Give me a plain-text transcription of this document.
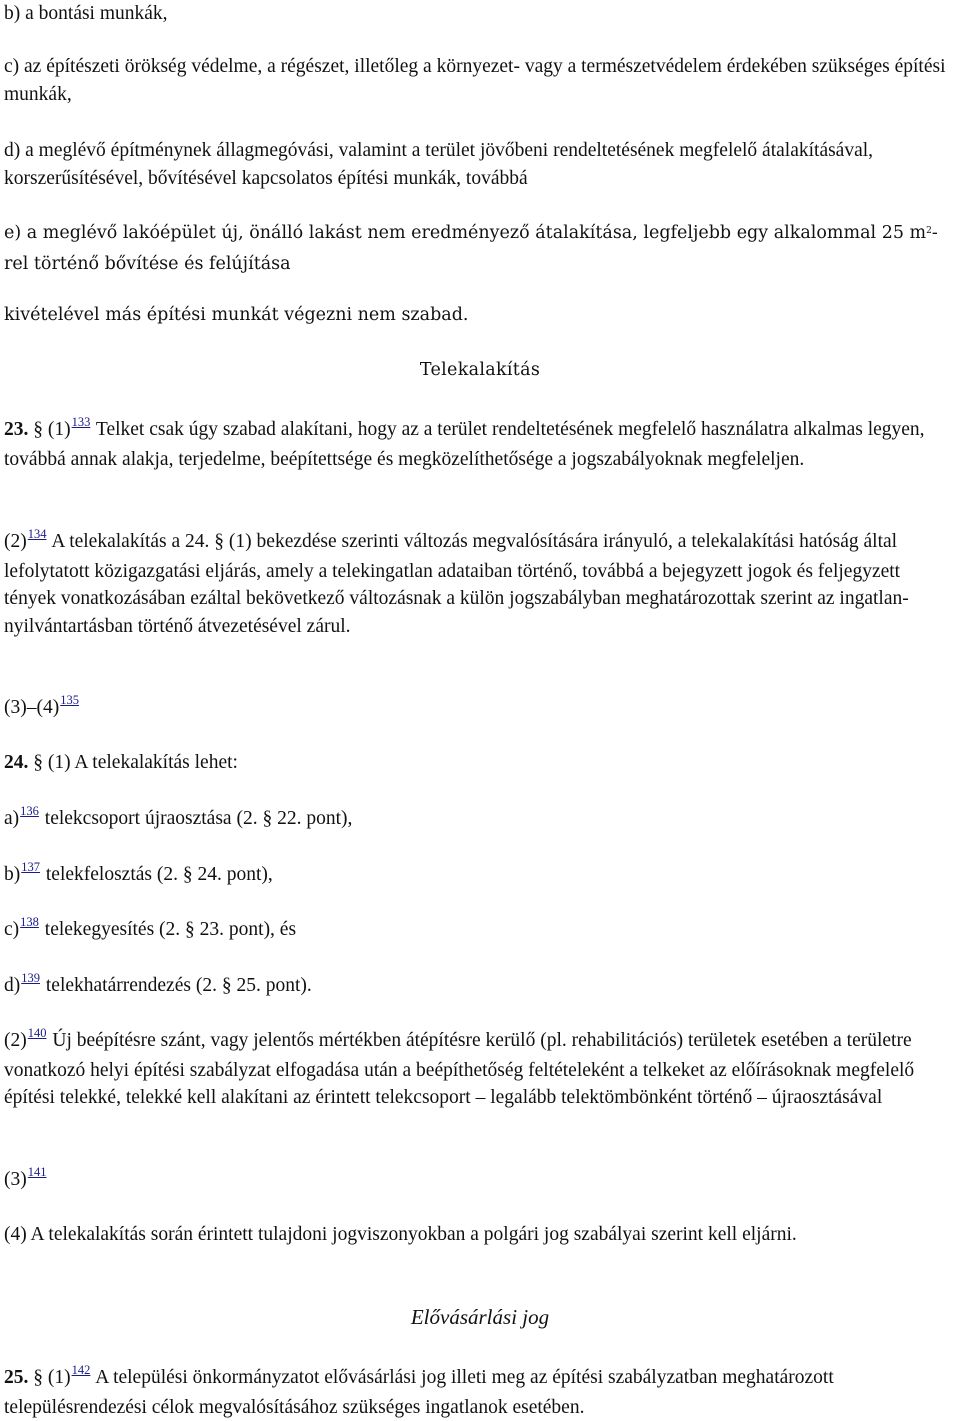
b) a bontási munkák,

c) az építészeti örökség védelme, a régészet, illetőleg a környezet- vagy a természetvédelem érdekében szükséges építési munkák,

d) a meglévő építménynek állagmegóvási, valamint a terület jövőbeni rendeltetésének megfelelő átalakításával, korszerűsítésével, bővítésével kapcsolatos építési munkák, továbbá

e) a meglévő lakóépület új, önálló lakást nem eredményező átalakítása, legfeljebb egy alkalommal 25 $m^2$-rel történő bővítése és felújítása

kivételével más építési munkát végezni nem szabad.

Telekalakítás

23. § (1)$^{133}$ Telket csak úgy szabad alakítani, hogy az a terület rendeltetésének megfelelő használatra alkalmas legyen, továbbá annak alakja, terjedelme, beépítettsége és megközelíthetősége a jogszabályoknak megfeleljen.

(2)$^{134}$ A telekalakítás a 24. § (1) bekezdése szerinti változás megvalósítására irányuló, a telekalakítási hatóság által lefolytatott közigazgatási eljárás, amely a telekingatlan adataiban történő, továbbá a bejegyzett jogok és feljegyzett tények vonatkozásában ezáltal bekövetkező változásnak a külön jogszabályban meghatározottak szerint az ingatlan-nyilvántartásban történő átvezetésével zárul.

(3)–(4)$^{135}$

24. § (1) A telekalakítás lehet:

a)$^{136}$ telekcsoport újraosztása (2. § 22. pont),

b)$^{137}$ telekfelosztás (2. § 24. pont),

c)$^{138}$ telekegyesítés (2. § 23. pont), és

d)$^{139}$ telekhatárrendezés (2. § 25. pont).

(2)$^{140}$ Új beépítésre szánt, vagy jelentős mértékben átépítésre kerülő (pl. rehabilitációs) területek esetében a területre vonatkozó helyi építési szabályzat elfogadása után a beépíthetőség feltételeként a telkeket az előírásoknak megfelelő építési telekké, telekké kell alakítani az érintett telekcsoport – legalább telektömbönként történő – újraosztásával

(3)$^{141}$

(4) A telekalakítás során érintett tulajdoni jogviszonyokban a polgári jog szabályai szerint kell eljárni.

Elővásárlási jog

25. § (1)$^{142}$ A települési önkormányzatot elővásárlási jog illeti meg az építési szabályzatban meghatározott településrendezési célok megvalósításához szükséges ingatlanok esetében.
